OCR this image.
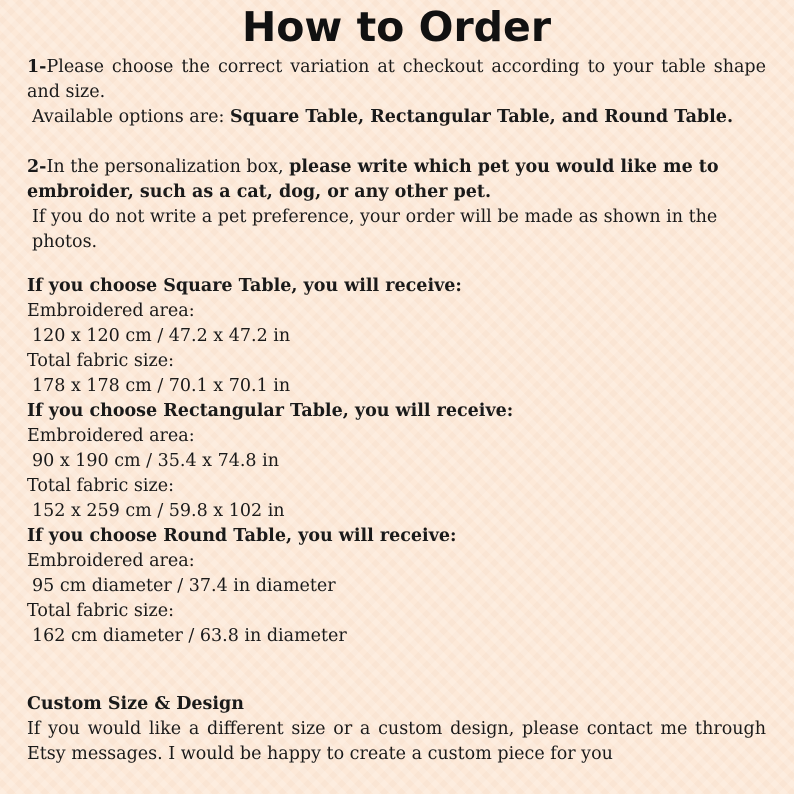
How to Order
1-Please choose the correct variation at checkout according to your table shape and size.
Available options are: Square Table, Rectangular Table, and Round Table.
2-In the personalization box, please write which pet you would like me to embroider, such as a cat, dog, or any other pet.
If you do not write a pet preference, your order will be made as shown in the photos.
If you choose Square Table, you will receive:
Embroidered area:
120 x 120 cm / 47.2 x 47.2 in
Total fabric size:
178 x 178 cm / 70.1 x 70.1 in
If you choose Rectangular Table, you will receive:
Embroidered area:
90 x 190 cm / 35.4 x 74.8 in
Total fabric size:
152 x 259 cm / 59.8 x 102 in
If you choose Round Table, you will receive:
Embroidered area:
95 cm diameter / 37.4 in diameter
Total fabric size:
162 cm diameter / 63.8 in diameter
Custom Size & Design
If you would like a different size or a custom design, please contact me through Etsy messages. I would be happy to create a custom piece for you
